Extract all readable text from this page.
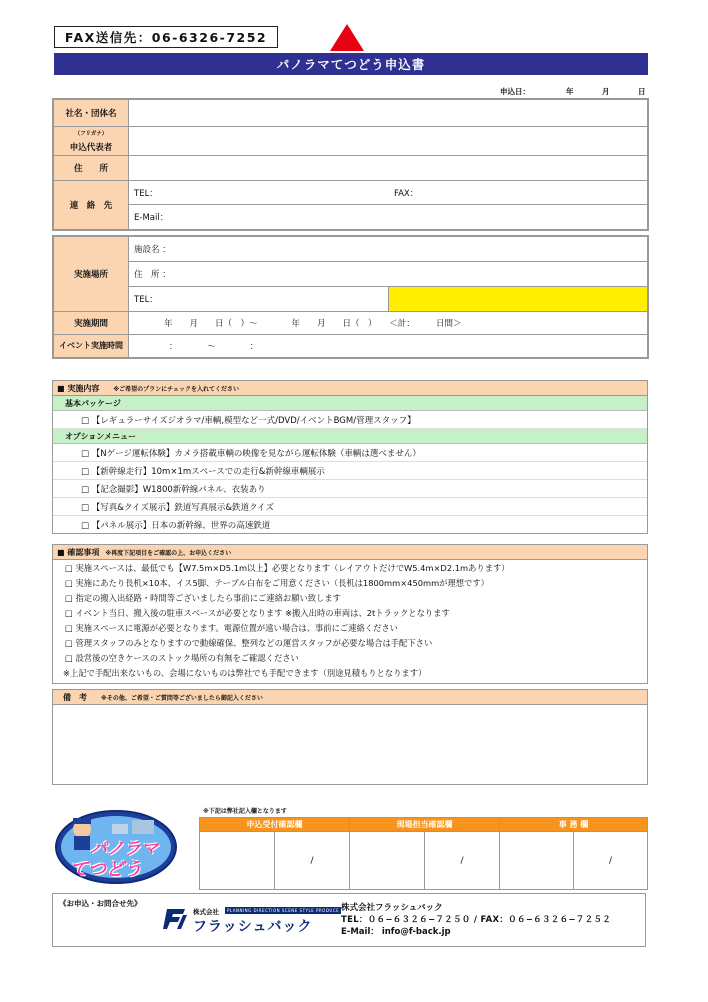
FAX送信先：06-6326-7252
パノラマてつどう申込書
申込日：	年	月	日
社名・団体名
（フリガナ）
申込代表者
住　　所
連　絡　先
TEL：	FAX：
E-Mail：
実施場所
施設名 ：
住　所 ：
TEL：
実施期間	年　　月　　日（　）～　　　　年　　月　　日（　）　　＜計：　　　日間＞
イベント実施時間	：　　　　～　　　　：
■ 実施内容 ※ご希望のプランにチェックを入れてください
基本パッケージ
□ 【レギュラーサイズジオラマ/車輌,模型など一式/DVD/イベントBGM/管理スタッフ】
オプションメニュー
□ 【Nゲージ運転体験】カメラ搭載車輌の映像を見ながら運転体験（車輌は選べません）
□ 【新幹線走行】10m×1mスペースでの走行&新幹線車輌展示
□ 【記念撮影】W1800新幹線パネル、衣装あり
□ 【写真&クイズ展示】鉄道写真展示&鉄道クイズ
□ 【パネル展示】日本の新幹線、世界の高速鉄道
■ 確認事項 ※再度下記項目をご確認の上、お申込ください
□ 実施スペースは、最低でも【W7.5m×D5.1m以上】必要となります（レイアウトだけでW5.4m×D2.1mあります）
□ 実施にあたり長机×10本、イス5脚、テーブル白布をご用意ください（長机は1800mm×450mmが理想です）
□ 指定の搬入出経路・時間等ございましたら事前にご連絡お願い致します
□ イベント当日、搬入後の駐車スペースが必要となります ※搬入出時の車両は、2tトラックとなります
□ 実施スペースに電源が必要となります。電源位置が遠い場合は、事前にご連絡ください
□ 管理スタッフのみとなりますので動線確保、整列などの運営スタッフが必要な場合は手配下さい
□ 設営後の空きケースのストック場所の有無をご確認ください
※上記で手配出来ないもの、会場にないものは弊社でも手配できます（別途見積もりとなります）
備　考 ※その他、ご希望・ご質問等ございましたら御記入ください
パノラマ
てつどう
※下記は弊社記入欄となります
申込受付確認欄		現場担当確認欄		事 務 欄	
	/		/		/
《お申込・お問合せ先》
株式会社	PLANNING DIRECTION SCENE STYLE PRODUCE
フラッシュバック
株式会社フラッシュバック
TEL：０６−６３２６−７２５０ / FAX：０６−６３２６−７２５２
E-Mail： info@f-back.jp
